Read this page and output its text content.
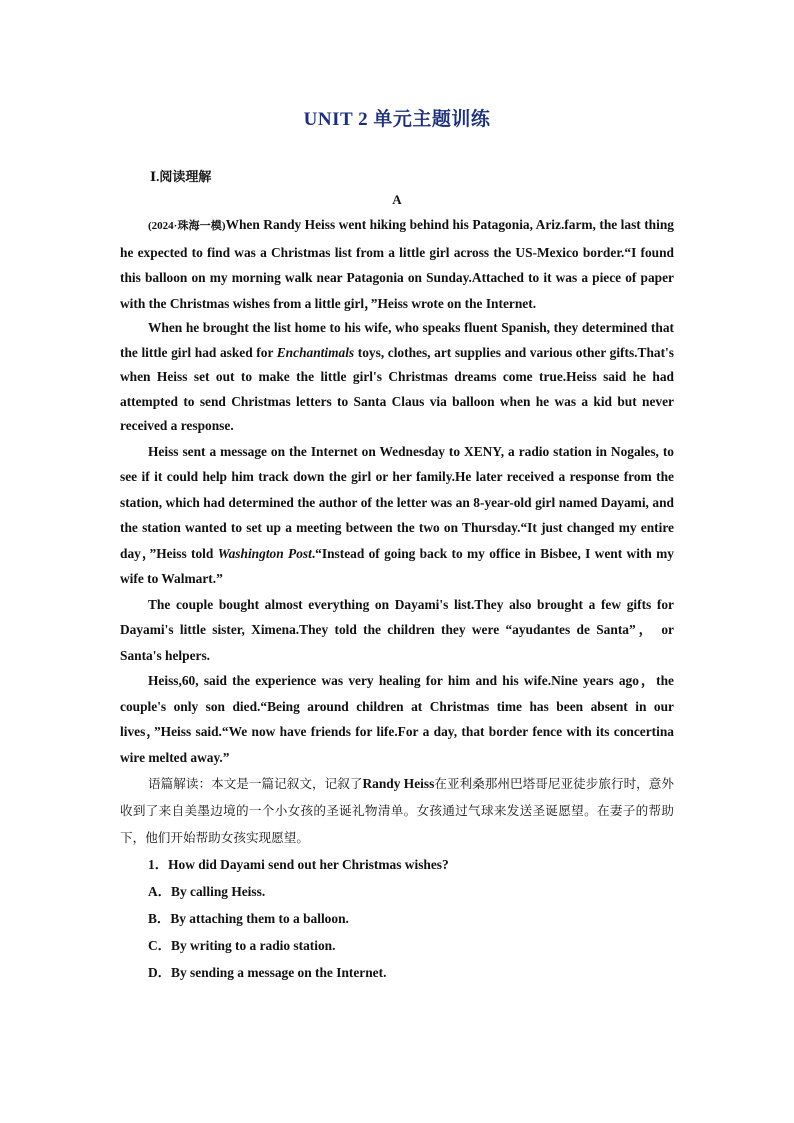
UNIT 2 单元主题训练
Ⅰ.阅读理解
A

(2024·珠海一模)When Randy Heiss went hiking behind his Patagonia, Ariz.farm, the last thing he expected to find was a Christmas list from a little girl across the US-Mexico border.“I found this balloon on my morning walk near Patagonia on Sunday.Attached to it was a piece of paper with the Christmas wishes from a little girl，”Heiss wrote on the Internet.

When he brought the list home to his wife, who speaks fluent Spanish, they determined that the little girl had asked for Enchantimals toys, clothes, art supplies and various other gifts.That's when Heiss set out to make the little girl's Christmas dreams come true.Heiss said he had attempted to send Christmas letters to Santa Claus via balloon when he was a kid but never received a response.

Heiss sent a message on the Internet on Wednesday to XENY, a radio station in Nogales, to see if it could help him track down the girl or her family.He later received a response from the station, which had determined the author of the letter was an 8-year-old girl named Dayami, and the station wanted to set up a meeting between the two on Thursday.“It just changed my entire day，”Heiss told Washington Post.“Instead of going back to my office in Bisbee, I went with my wife to Walmart.”

The couple bought almost everything on Dayami's list.They also brought a few gifts for Dayami's little sister, Ximena.They told the children they were “ayudantes de Santa”， or Santa's helpers.

Heiss,60, said the experience was very healing for him and his wife.Nine years ago，the couple's only son died.“Being around children at Christmas time has been absent in our lives，”Heiss said.“We now have friends for life.For a day, that border fence with its concertina wire melted away.”

语篇解读：本文是一篇记叙文，记叙了Randy Heiss在亚利桑那州巴塔哥尼亚徒步旅行时，意外收到了来自美墨边境的一个小女孩的圣诞礼物清单。女孩通过气球来发送圣诞愿望。在妻子的帮助下，他们开始帮助女孩实现愿望。

1．How did Dayami send out her Christmas wishes?

A．By calling Heiss.

B．By attaching them to a balloon.

C．By writing to a radio station.

D．By sending a message on the Internet.
